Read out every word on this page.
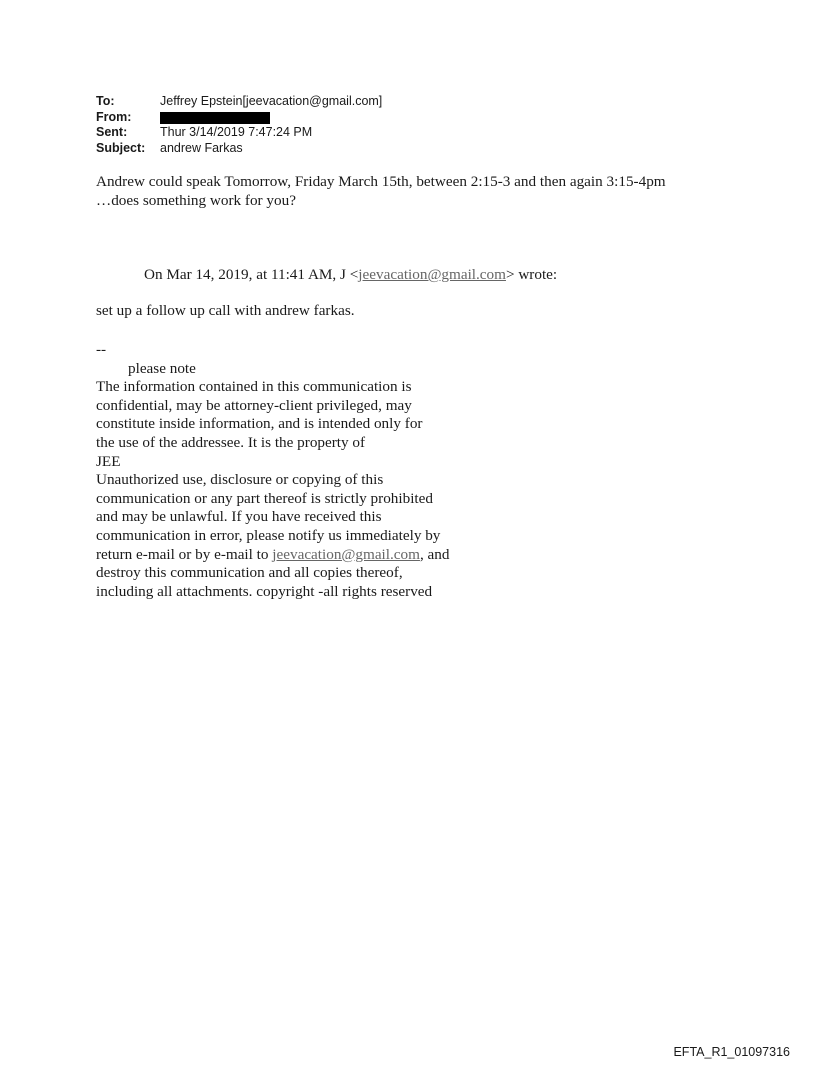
To:	Jeffrey Epstein[jeevacation@gmail.com]
From:
Sent:	Thur 3/14/2019 7:47:24 PM
Subject: andrew Farkas
Andrew could speak Tomorrow, Friday March 15th, between 2:15-3 and then again 3:15-4pm
…does something work for you?
On Mar 14, 2019, at 11:41 AM, J <jeevacation@gmail.com> wrote:
set up a follow up call with andrew farkas.
--
please note
The information contained in this communication is
confidential, may be attorney-client privileged, may
constitute inside information, and is intended only for
the use of the addressee. It is the property of
JEE
Unauthorized use, disclosure or copying of this
communication or any part thereof is strictly prohibited
and may be unlawful. If you have received this
communication in error, please notify us immediately by
return e-mail or by e-mail to jeevacation@gmail.com, and
destroy this communication and all copies thereof,
including all attachments. copyright -all rights reserved
EFTA_R1_01097316
